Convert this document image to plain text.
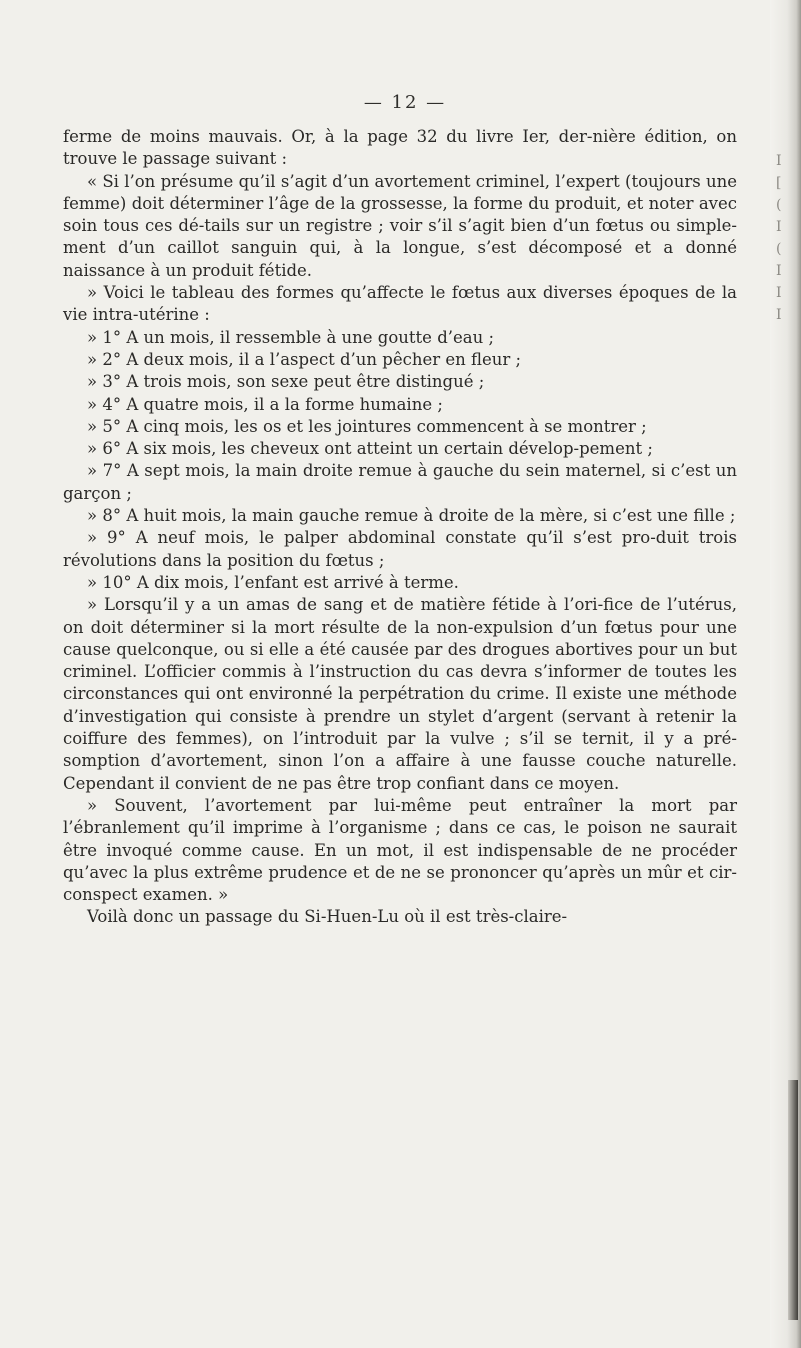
I
[
(
I
(
I
I
I
— 12 —

ferme de moins mauvais. Or, à la page 32 du livre Ier, der-nière édition, on trouve le passage suivant :

« Si l’on présume qu’il s’agit d’un avortement criminel, l’expert (toujours une femme) doit déterminer l’âge de la grossesse, la forme du produit, et noter avec soin tous ces dé-tails sur un registre ; voir s’il s’agit bien d’un fœtus ou simple-ment d’un caillot sanguin qui, à la longue, s’est décomposé et a donné naissance à un produit fétide.

» Voici le tableau des formes qu’affecte le fœtus aux diverses époques de la vie intra-utérine :

» 1° A un mois, il ressemble à une goutte d’eau ;

» 2° A deux mois, il a l’aspect d’un pêcher en fleur ;

» 3° A trois mois, son sexe peut être distingué ;

» 4° A quatre mois, il a la forme humaine ;

» 5° A cinq mois, les os et les jointures commencent à se montrer ;

» 6° A six mois, les cheveux ont atteint un certain dévelop-pement ;

» 7° A sept mois, la main droite remue à gauche du sein maternel, si c’est un garçon ;

» 8° A huit mois, la main gauche remue à droite de la mère, si c’est une fille ;

» 9° A neuf mois, le palper abdominal constate qu’il s’est pro-duit trois révolutions dans la position du fœtus ;

» 10° A dix mois, l’enfant est arrivé à terme.

» Lorsqu’il y a un amas de sang et de matière fétide à l’ori-fice de l’utérus, on doit déterminer si la mort résulte de la non-expulsion d’un fœtus pour une cause quelconque, ou si elle a été causée par des drogues abortives pour un but criminel. L’officier commis à l’instruction du cas devra s’informer de toutes les circonstances qui ont environné la perpétration du crime. Il existe une méthode d’investigation qui consiste à prendre un stylet d’argent (servant à retenir la coiffure des femmes), on l’introduit par la vulve ; s’il se ternit, il y a pré-somption d’avortement, sinon l’on a affaire à une fausse couche naturelle. Cependant il convient de ne pas être trop confiant dans ce moyen.

» Souvent, l’avortement par lui-même peut entraîner la mort par l’ébranlement qu’il imprime à l’organisme ; dans ce cas, le poison ne saurait être invoqué comme cause. En un mot, il est indispensable de ne procéder qu’avec la plus extrême prudence et de ne se prononcer qu’après un mûr et cir-conspect examen. »

Voilà donc un passage du Si-Huen-Lu où il est très-claire-
